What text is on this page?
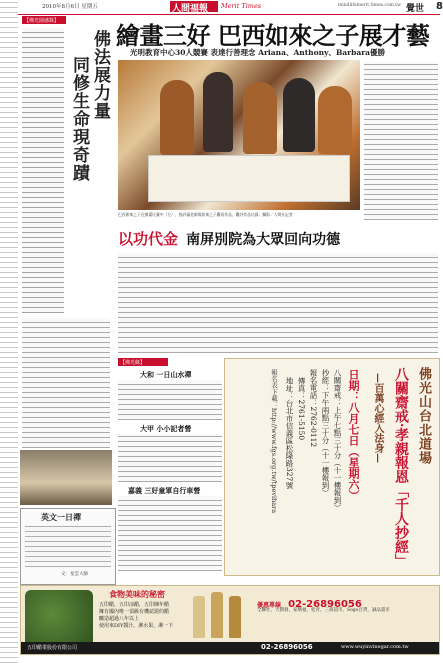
2010年8月6日 星期五	人間福報 Merit Times	mindlifemerit.times.com.tw 覺世 8
【佛光園感錄】
佛法展力量
同修生命現奇蹟
繪畫三好 巴西如來之子展才藝
光明教育中心30人競賽 表達行善理念 Ariana、Anthony、Barbara優勝
巴西如來之子在繪畫比賽中（左），指評審老師與如來之子觀看作品，觀評作品比賽；攝影／人間社記者
以功代金 南屏別院為大眾回向功德
【佛光緣】
大和 一日山水禪
大甲 小小記者營
嘉義 三好童軍自行車營
英文一日禪
文：星雲大師
佛光山台北道場
八關齋戒‧孝親報恩「千人抄經」
—百萬心經入法身—
日期：八月七日（星期六）
八關齋戒：上午七點三十分（十一樓報到）
抄經：下午兩點三十分（十一樓報到）
報名電話：2762-0112
傳真：2761-5150
地址：台北市信義區松隆路327號
報名表下載：http://www.fgs.org.tw/tpevihara
食物美味的秘密
五印醋，五印涼醋，五印陳年醋
擁有國內唯一頂級有機認證的醋
釀造超過八年以上
使用來DIY醬汁。淋水果，淋一下
優惠專線 02-26896056
全聯社，大潤發，家樂福，松青，三商超市，Sogo百貨，誠品超市
五印醋業股份有限公司	02-26896056	www.wuyinvinegar.com.tw
